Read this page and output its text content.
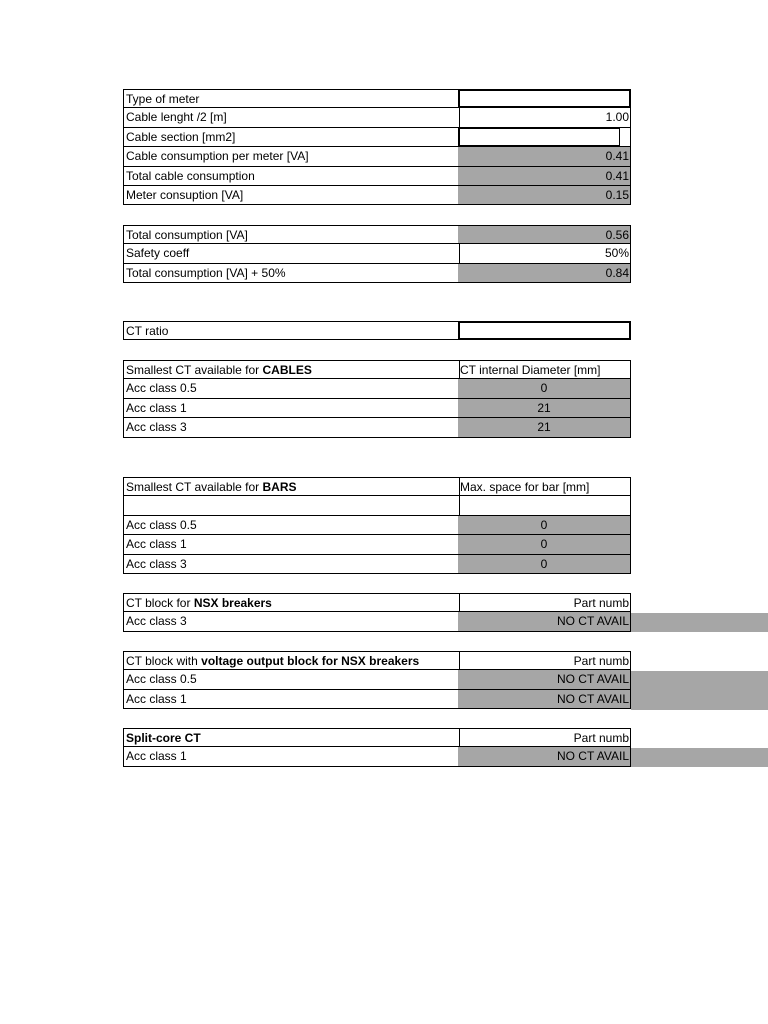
Type of meter
Cable lenght /2 [m]	1.00
Cable section [mm2]
Cable consumption per meter [VA]	0.41
Total cable consumption	0.41
Meter consuption [VA]	0.15
Total consumption [VA]	0.56
Safety coeff	50%
Total consumption [VA] + 50%	0.84
CT ratio
Smallest CT available for CABLES	CT internal Diameter [mm]
Acc class 0.5	0
Acc class 1	21
Acc class 3	21
Smallest CT available for BARS	Max. space for bar [mm]
Acc class 0.5	0
Acc class 1	0
Acc class 3	0
CT block for NSX breakers	Part numb
Acc class 3	NO CT AVAIL
CT block with voltage output block for NSX breakers	Part numb
Acc class 0.5	NO CT AVAIL
Acc class 1	NO CT AVAIL
Split-core CT	Part numb
Acc class 1	NO CT AVAIL
